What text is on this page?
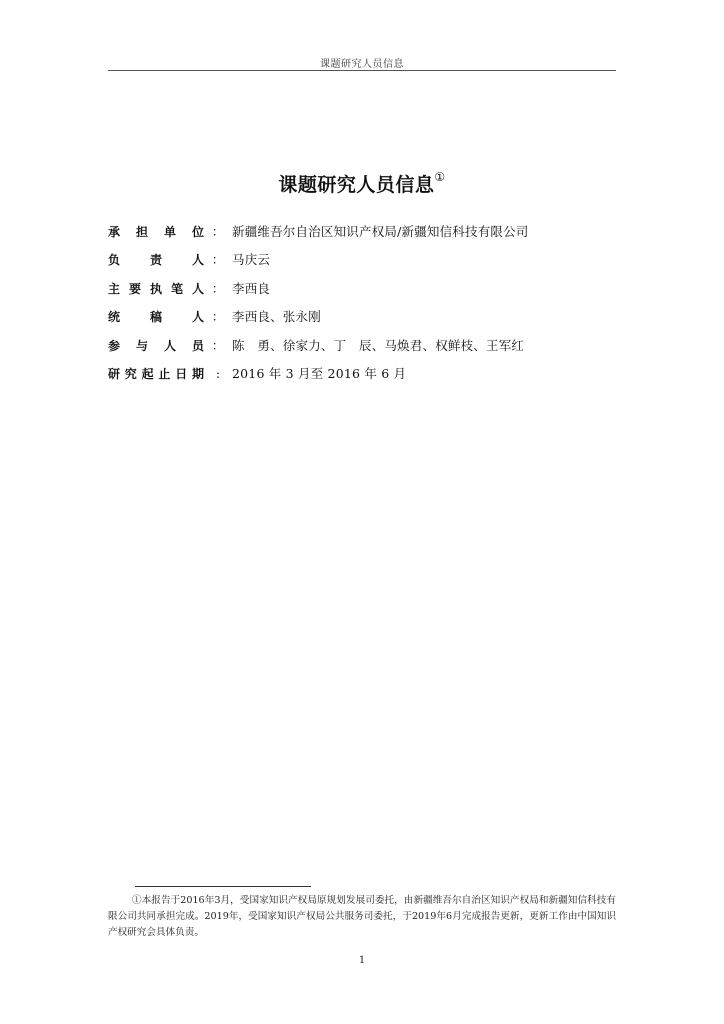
课题研究人员信息
课题研究人员信息①
承 担 单 位 ： 新疆维吾尔自治区知识产权局/新疆知信科技有限公司
负 责 人 ： 马庆云
主 要 执 笔 人 ： 李西良
统 稿 人 ： 李西良、张永刚
参 与 人 员 ： 陈　勇、徐家力、丁　辰、马焕君、权鲜枝、王军红
研 究 起 止 日 期 : 2016 年 3 月至 2016 年 6 月
①本报告于2016年3月，受国家知识产权局原规划发展司委托，由新疆维吾尔自治区知识产权局和新疆知信科技有限公司共同承担完成。2019年，受国家知识产权局公共服务司委托，于2019年6月完成报告更新，更新工作由中国知识产权研究会具体负责。
1
